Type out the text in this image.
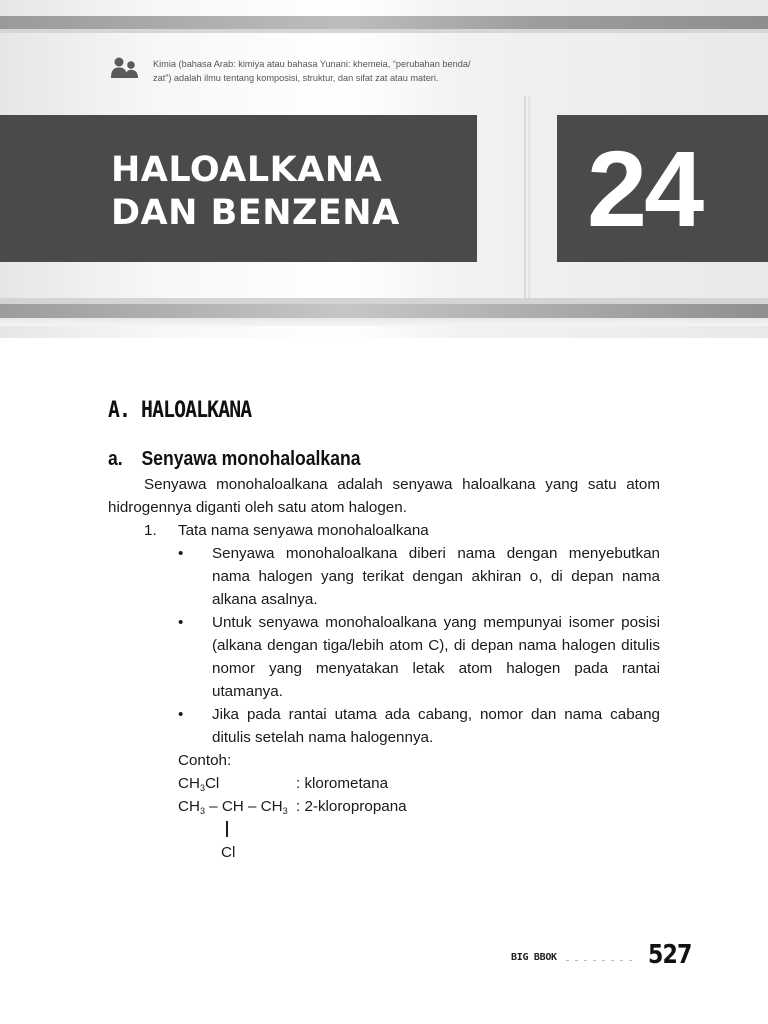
Kimia (bahasa Arab: kimiya atau bahasa Yunani: khemeia, “perubahan benda/
zat”) adalah ilmu tentang komposisi, struktur, dan sifat zat atau materi.
HALOALKANA
DAN BENZENA 24
A. HALOALKANA
a. Senyawa monohaloalkana

Senyawa monohaloalkana adalah senyawa haloalkana yang satu atom hidrogennya diganti oleh satu atom halogen.

1. Tata nama senyawa monohaloalkana

• Senyawa monohaloalkana diberi nama dengan menyebutkan nama halogen yang terikat dengan akhiran o, di depan nama alkana asalnya.
• Untuk senyawa monohaloalkana yang mempunyai isomer posisi (alkana dengan tiga/lebih atom C), di depan nama halogen ditulis nomor yang menyatakan letak atom halogen pada rantai utamanya.
• Jika pada rantai utama ada cabang, nomor dan nama cabang ditulis setelah nama halogennya.

Contoh:

$CH_3Cl$	: klorometana
$CH_3$ – CH – $CH_3$ : 2-kloropropana
Cl
BIG BBOK	527
